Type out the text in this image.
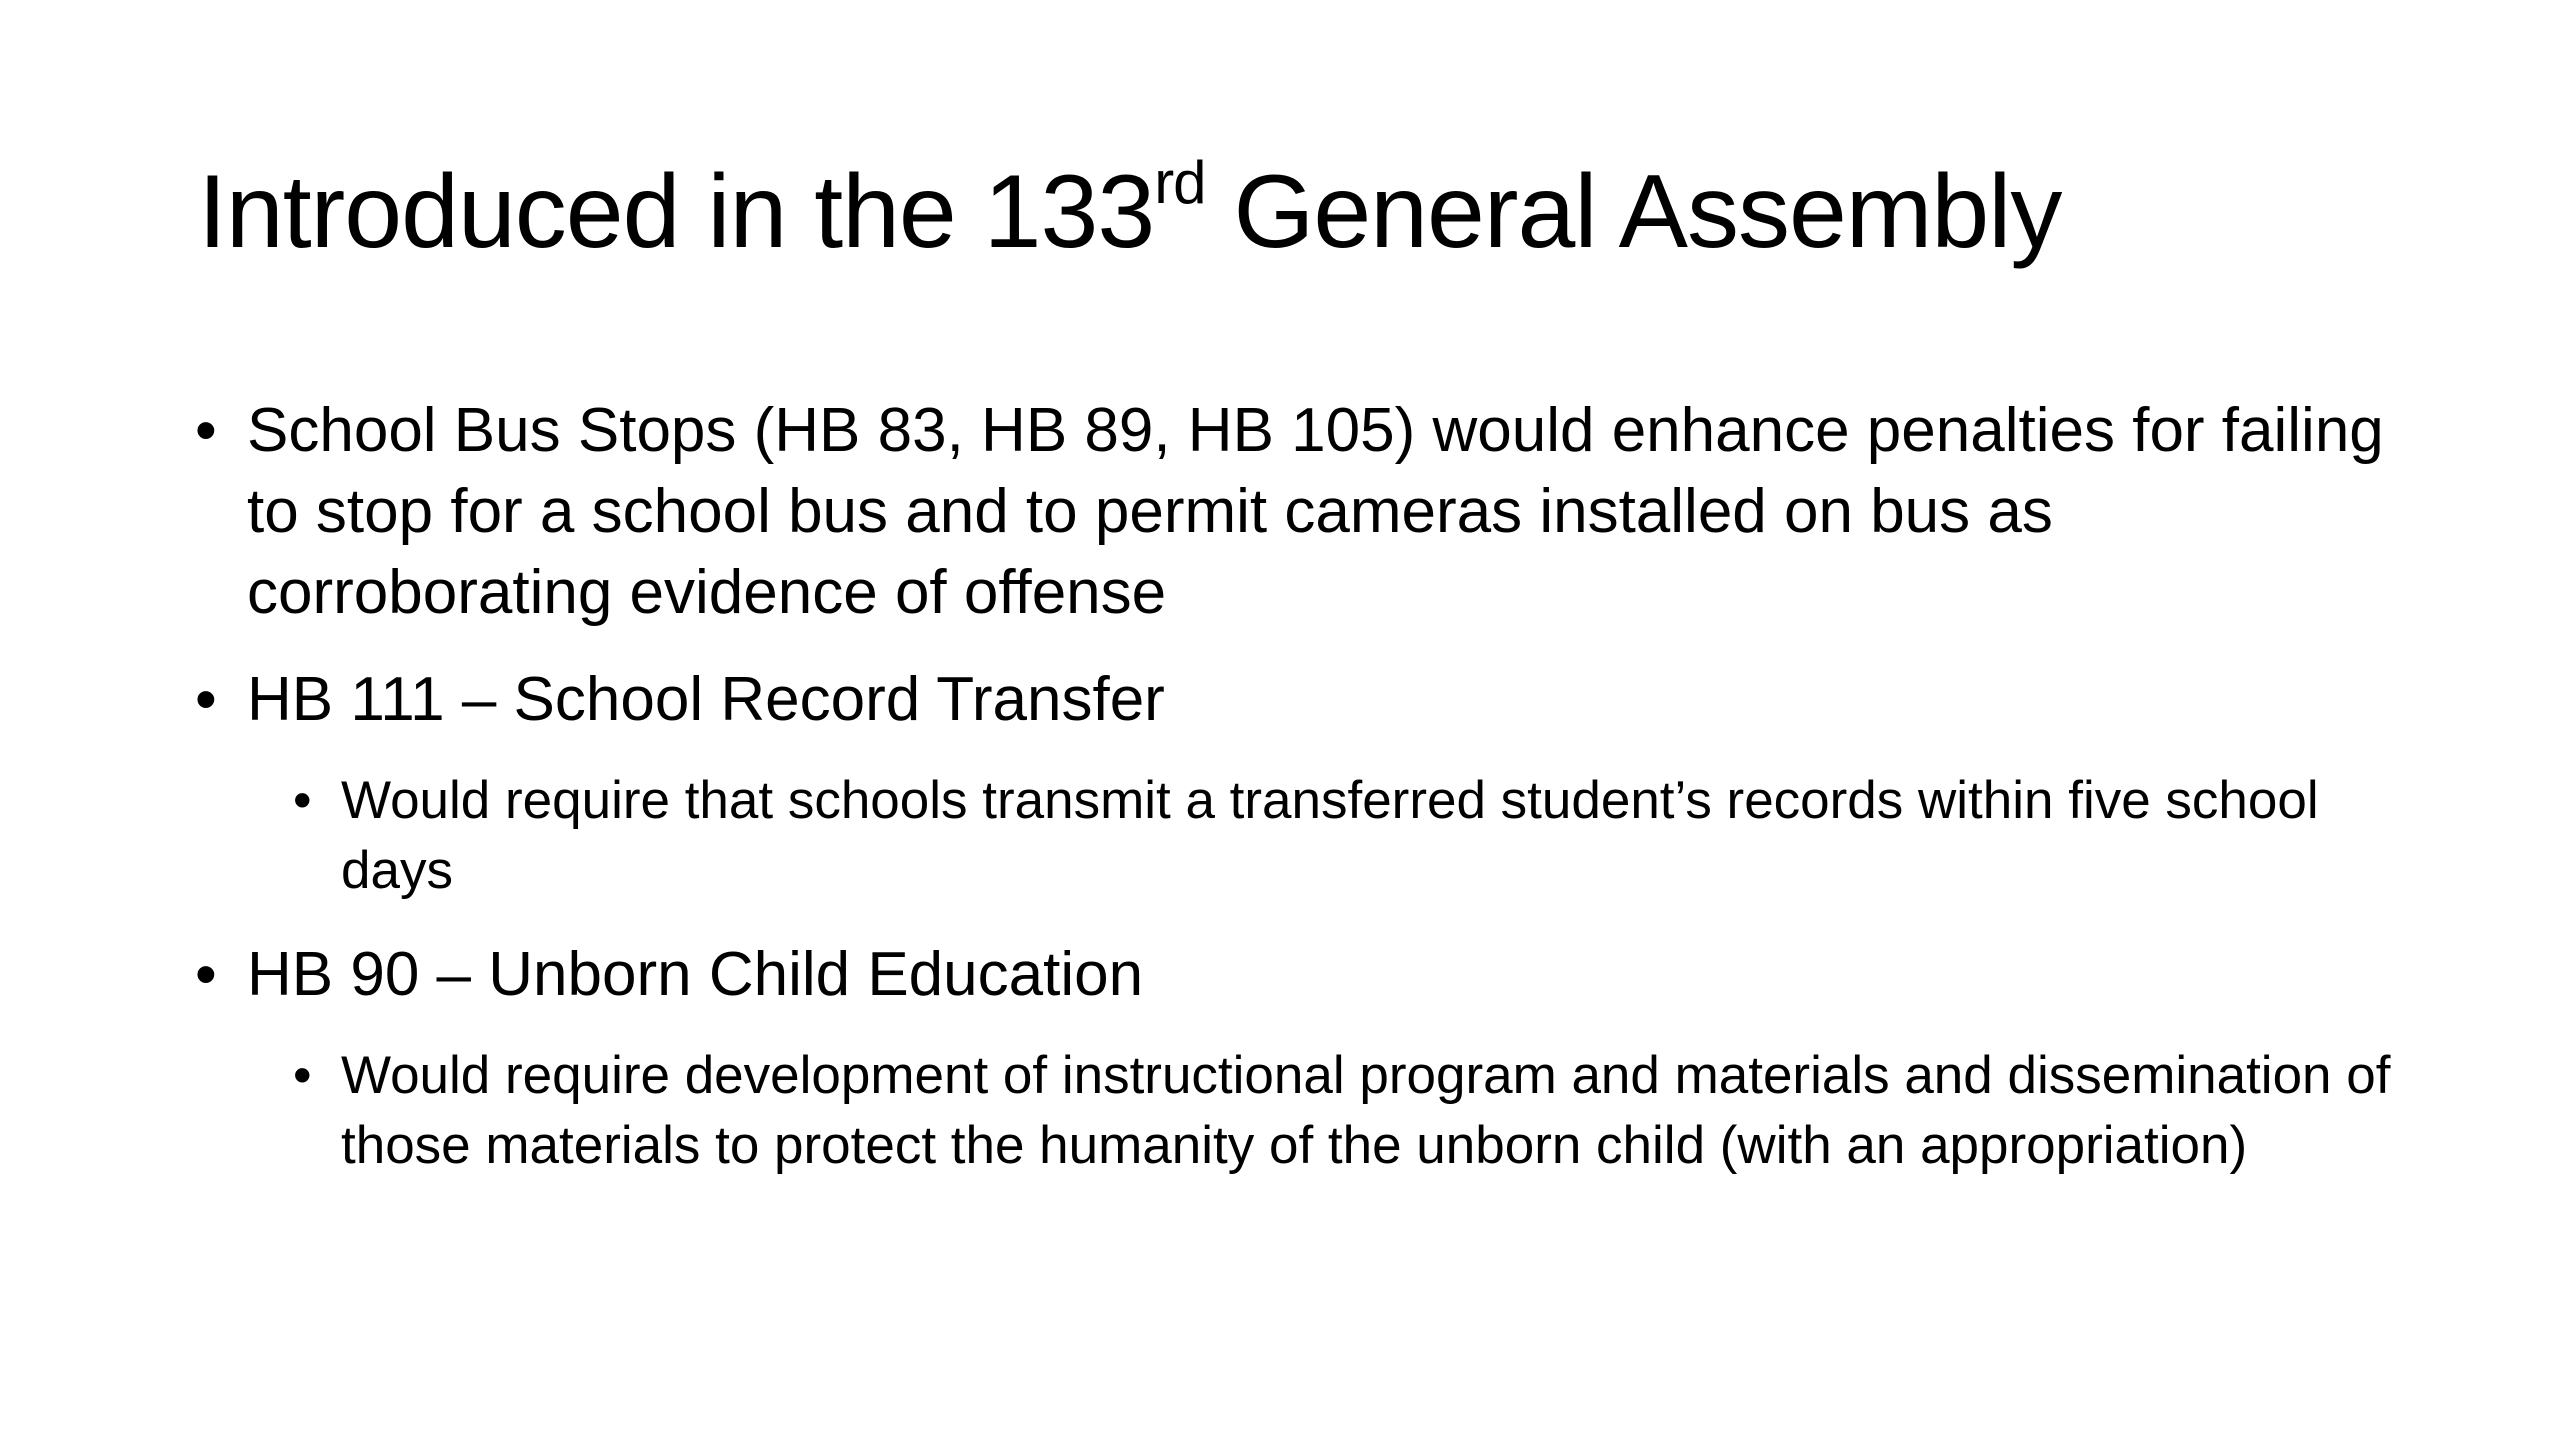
Introduced in the 133rd General Assembly

• School Bus Stops (HB 83, HB 89, HB 105) would enhance penalties for failing to stop for a school bus and to permit cameras installed on bus as corroborating evidence of offense

• HB 111 – School Record Transfer

• Would require that schools transmit a transferred student’s records within five school days

• HB 90 – Unborn Child Education

• Would require development of instructional program and materials and dissemination of those materials to protect the humanity of the unborn child (with an appropriation)
